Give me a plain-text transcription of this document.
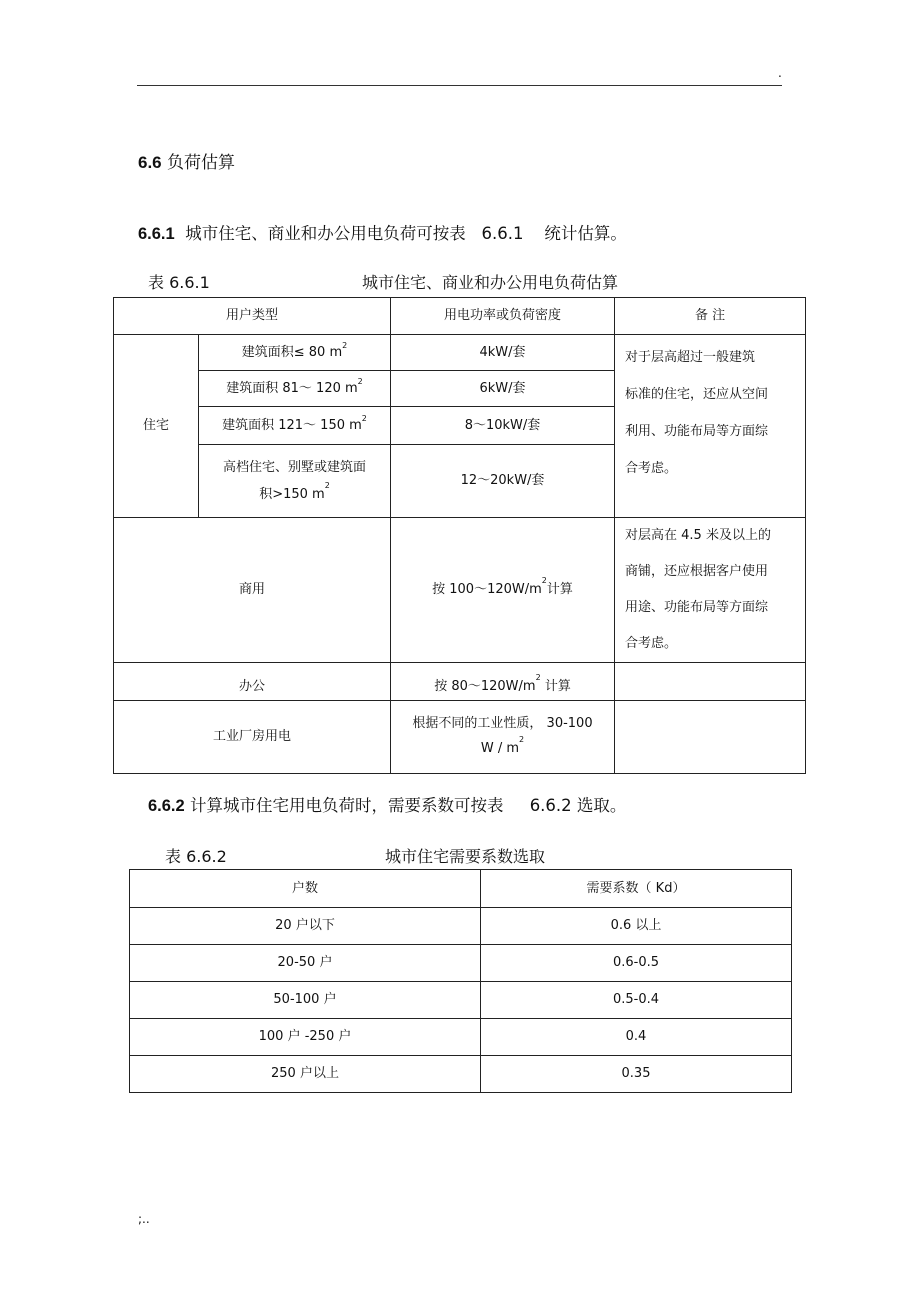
.
6.6 负荷估算
6.6.1 城市住宅、商业和办公用电负荷可按表 6.6.1 统计估算。
表 6.6.1	城市住宅、商业和办公用电负荷估算
用户类型		用电功率或负荷密度	备 注
住宅	建筑面积≤ 80 $m^2$	4kW/套	对于层高超过一般建筑
标准的住宅，还应从空间
利用、功能布局等方面综
合考虑。

	建筑面积 81～ 120 $m^2$	6kW/套	
	建筑面积 121～ 150 $m^2$	8～10kW/套	

	高档住宅、别墅或建筑面
积>150 $m^2$	12～20kW/套	
商用		按 $100\sim 120W/m^2$计算	对层高在 4.5 米及以上的
商铺，还应根据客户使用
用途、功能布局等方面综
合考虑。

办公		按 $80\sim 120W/m^2$ 计算	
工业厂房用电		根据不同的工业性质， 30-100
W / $m^2$

6.6.2 计算城市住宅用电负荷时，需要系数可按表 6.6.2 选取。
表 6.6.2	城市住宅需要系数选取
户数	需要系数（ Kd）
20 户以下	0.6 以上
20-50 户	0.6-0.5
50-100 户	0.5-0.4
100 户 -250 户	0.4
250 户以上	0.35
;..
